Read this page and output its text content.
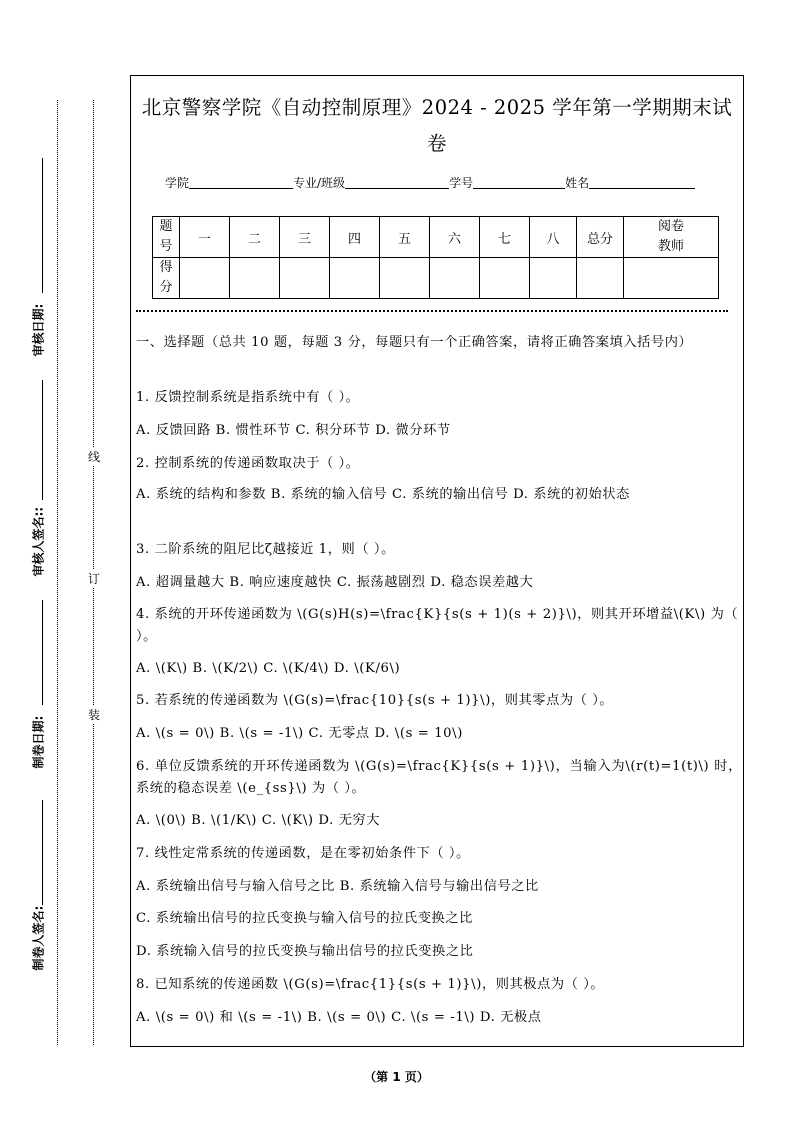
审核日期:
审核人签名::
制卷日期:
制卷人签名:
线
订
装
北京警察学院《自动控制原理》2024 - 2025 学年第一学期期末试
卷
学院	专业/班级	学号	姓名
题
号	一	二	三	四	五	六	七	八	总分	阅卷
教师
得
分										
一、选择题（总共 10 题，每题 3 分，每题只有一个正确答案，请将正确答案填入括号内）
1. 反馈控制系统是指系统中有（ ）。
A. 反馈回路 B. 惯性环节 C. 积分环节 D. 微分环节
2. 控制系统的传递函数取决于（ ）。
A. 系统的结构和参数 B. 系统的输入信号 C. 系统的输出信号 D. 系统的初始状态
3. 二阶系统的阻尼比ζ越接近 1，则（ ）。
A. 超调量越大 B. 响应速度越快 C. 振荡越剧烈 D. 稳态误差越大
4. 系统的开环传递函数为 \(G(s)H(s)=\frac{K}{s(s + 1)(s + 2)}\)，则其开环增益\(K\) 为（ ）。
A. \(K\) B. \(K/2\) C. \(K/4\) D. \(K/6\)
5. 若系统的传递函数为 \(G(s)=\frac{10}{s(s + 1)}\)，则其零点为（ ）。
A. \(s = 0\) B. \(s = -1\) C. 无零点 D. \(s = 10\)
6. 单位反馈系统的开环传递函数为 \(G(s)=\frac{K}{s(s + 1)}\)，当输入为\(r(t)=1(t)\) 时，系统的稳态误差 \(e_{ss}\) 为（ ）。
A. \(0\) B. \(1/K\) C. \(K\) D. 无穷大
7. 线性定常系统的传递函数，是在零初始条件下（ ）。
A. 系统输出信号与输入信号之比 B. 系统输入信号与输出信号之比
C. 系统输出信号的拉氏变换与输入信号的拉氏变换之比
D. 系统输入信号的拉氏变换与输出信号的拉氏变换之比
8. 已知系统的传递函数 \(G(s)=\frac{1}{s(s + 1)}\)，则其极点为（ ）。
A. \(s = 0\) 和 \(s = -1\) B. \(s = 0\) C. \(s = -1\) D. 无极点
（第 1 页）
